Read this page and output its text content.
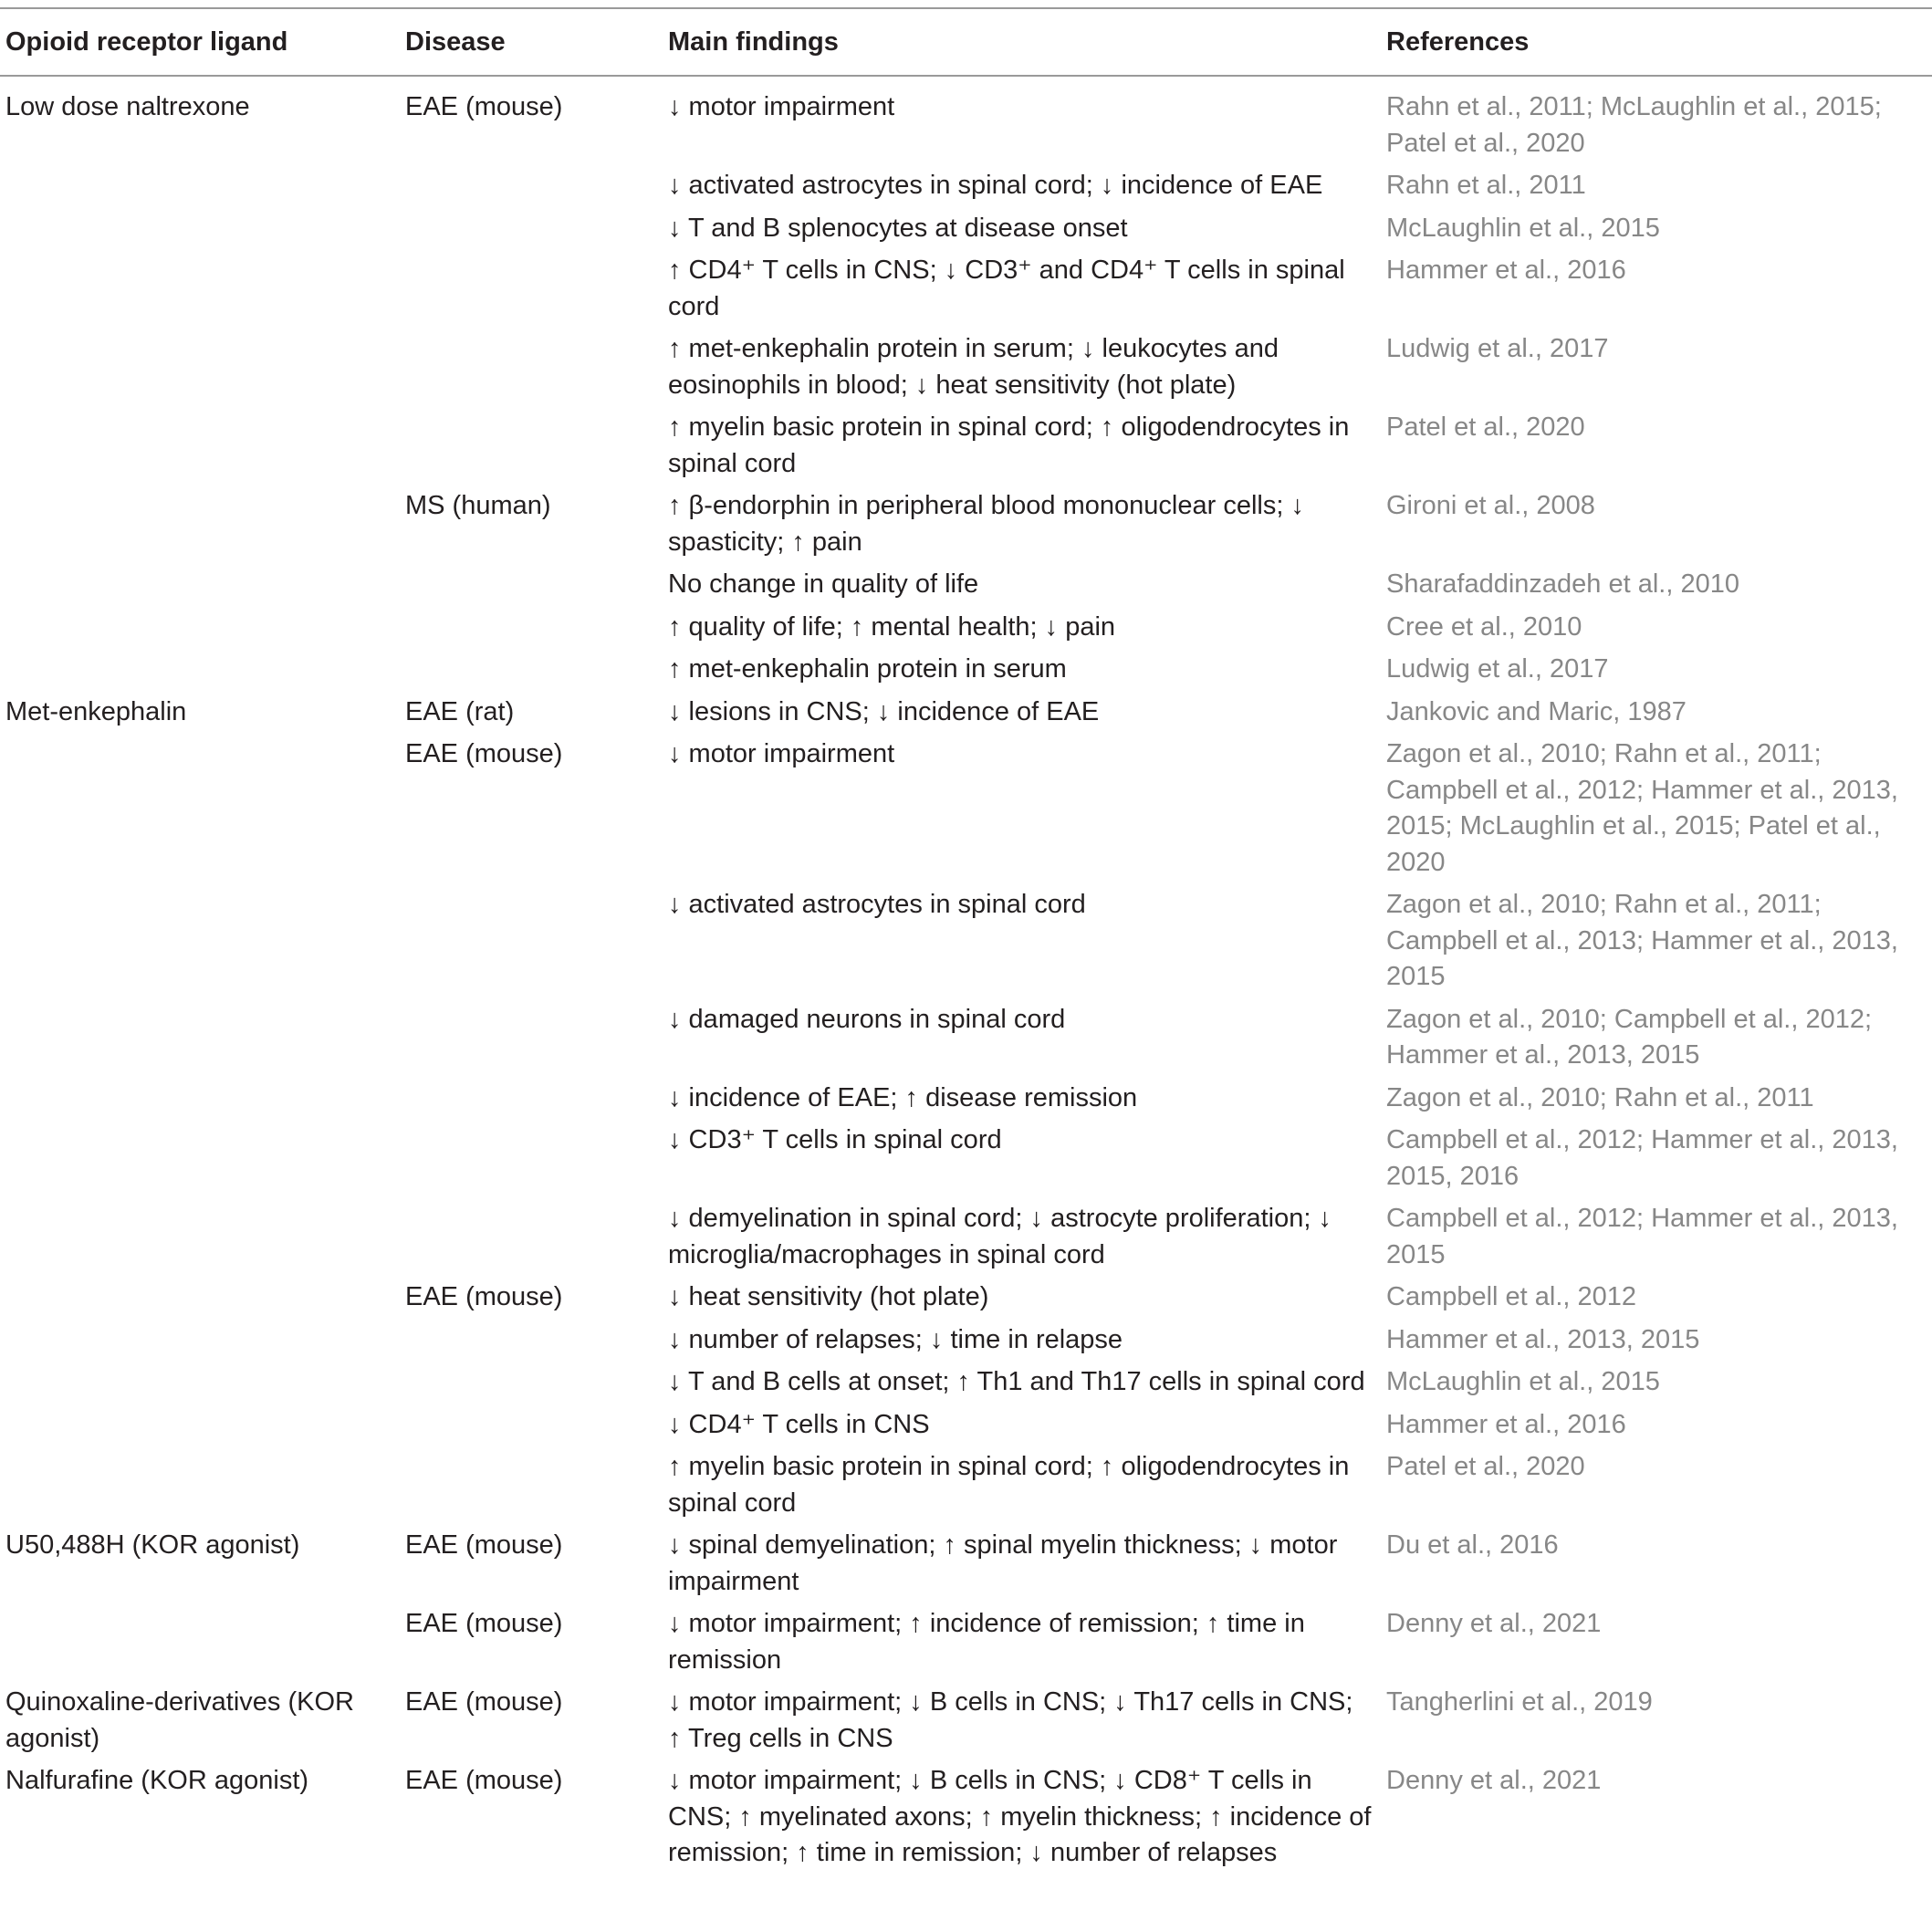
Opioid receptor ligand	Disease	Main findings	References
Low dose naltrexone	EAE (mouse)	↓ motor impairment	Rahn et al., 2011; McLaughlin et al., 2015; Patel et al., 2020
		↓ activated astrocytes in spinal cord; ↓ incidence of EAE	Rahn et al., 2011
		↓ T and B splenocytes at disease onset	McLaughlin et al., 2015
		↑ CD4⁺ T cells in CNS; ↓ CD3⁺ and CD4⁺ T cells in spinal cord	Hammer et al., 2016
		↑ met-enkephalin protein in serum; ↓ leukocytes and eosinophils in blood; ↓ heat sensitivity (hot plate)	Ludwig et al., 2017
		↑ myelin basic protein in spinal cord; ↑ oligodendrocytes in spinal cord	Patel et al., 2020
	MS (human)	↑ β-endorphin in peripheral blood mononuclear cells; ↓ spasticity; ↑ pain	Gironi et al., 2008
		No change in quality of life	Sharafaddinzadeh et al., 2010
		↑ quality of life; ↑ mental health; ↓ pain	Cree et al., 2010
		↑ met-enkephalin protein in serum	Ludwig et al., 2017
Met-enkephalin	EAE (rat)	↓ lesions in CNS; ↓ incidence of EAE	Jankovic and Maric, 1987
	EAE (mouse)	↓ motor impairment	Zagon et al., 2010; Rahn et al., 2011; Campbell et al., 2012; Hammer et al., 2013, 2015; McLaughlin et al., 2015; Patel et al., 2020
		↓ activated astrocytes in spinal cord	Zagon et al., 2010; Rahn et al., 2011; Campbell et al., 2013; Hammer et al., 2013, 2015
		↓ damaged neurons in spinal cord	Zagon et al., 2010; Campbell et al., 2012; Hammer et al., 2013, 2015
		↓ incidence of EAE; ↑ disease remission	Zagon et al., 2010; Rahn et al., 2011
		↓ CD3⁺ T cells in spinal cord	Campbell et al., 2012; Hammer et al., 2013, 2015, 2016
		↓ demyelination in spinal cord; ↓ astrocyte proliferation; ↓ microglia/macrophages in spinal cord	Campbell et al., 2012; Hammer et al., 2013, 2015
	EAE (mouse)	↓ heat sensitivity (hot plate)	Campbell et al., 2012
		↓ number of relapses; ↓ time in relapse	Hammer et al., 2013, 2015
		↓ T and B cells at onset; ↑ Th1 and Th17 cells in spinal cord	McLaughlin et al., 2015
		↓ CD4⁺ T cells in CNS	Hammer et al., 2016
		↑ myelin basic protein in spinal cord; ↑ oligodendrocytes in spinal cord	Patel et al., 2020
U50,488H (KOR agonist)	EAE (mouse)	↓ spinal demyelination; ↑ spinal myelin thickness; ↓ motor impairment	Du et al., 2016
	EAE (mouse)	↓ motor impairment; ↑ incidence of remission; ↑ time in remission	Denny et al., 2021
Quinoxaline-derivatives (KOR agonist)	EAE (mouse)	↓ motor impairment; ↓ B cells in CNS; ↓ Th17 cells in CNS; ↑ Treg cells in CNS	Tangherlini et al., 2019
Nalfurafine (KOR agonist)	EAE (mouse)	↓ motor impairment; ↓ B cells in CNS; ↓ CD8⁺ T cells in CNS; ↑ myelinated axons; ↑ myelin thickness; ↑ incidence of remission; ↑ time in remission; ↓ number of relapses	Denny et al., 2021
